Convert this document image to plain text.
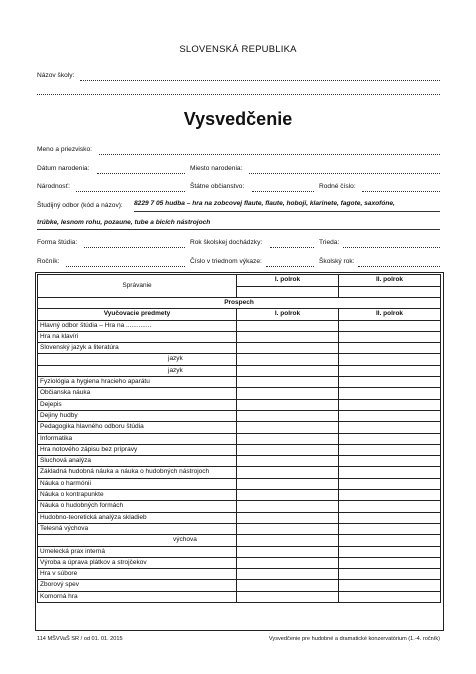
SLOVENSKÁ REPUBLIKA
Názov školy:
Vysvedčenie
Meno a priezvisko:
Dátum narodenia:	Miesto narodenia:
Národnosť:	Štátne občianstvo:	Rodné číslo:
Študijný odbor (kód a názov): 8229 7 05 hudba – hra na zobcovej flaute, flaute, hoboji, klarinete, fagote, saxofóne,
trúbke, lesnom rohu, pozaune, tube a bicích nástrojoch
Forma štúdia:	Rok školskej dochádzky:	Trieda:
Ročník:	Číslo v triednom výkaze:	Školský rok:
Správanie	I. polrok	II. polrok

Prospech		
Vyučovacie predmety	I. polrok	II. polrok
Hlavný odbor štúdia – Hra na ..............		
Hra na klavíri		
Slovenský jazyk a literatúra		
jazyk		
jazyk		
Fyziológia a hygiena hracieho aparátu		
Občianska náuka		
Dejepis		
Dejiny hudby		
Pedagogika hlavného odboru štúdia		
Informatika		
Hra notového zápisu bez prípravy		
Sluchová analýza		
Základná hudobná náuka a náuka o hudobných nástrojoch		
Náuka o harmónii		
Náuka o kontrapunkte		
Náuka o hudobných formách		
Hudobno-teoretická analýza skladieb		
Telesná výchova		
výchova		
Umelecká prax interná		
Výroba a úprava plátkov a strojčekov		
Hra v súbore		
Zborový spev		
Komorná hra		
114 MŠVVaŠ SR / od 01. 01. 2015	Vysvedčenie pre hudobné a dramatické konzervatórium (1.-4. ročník)
